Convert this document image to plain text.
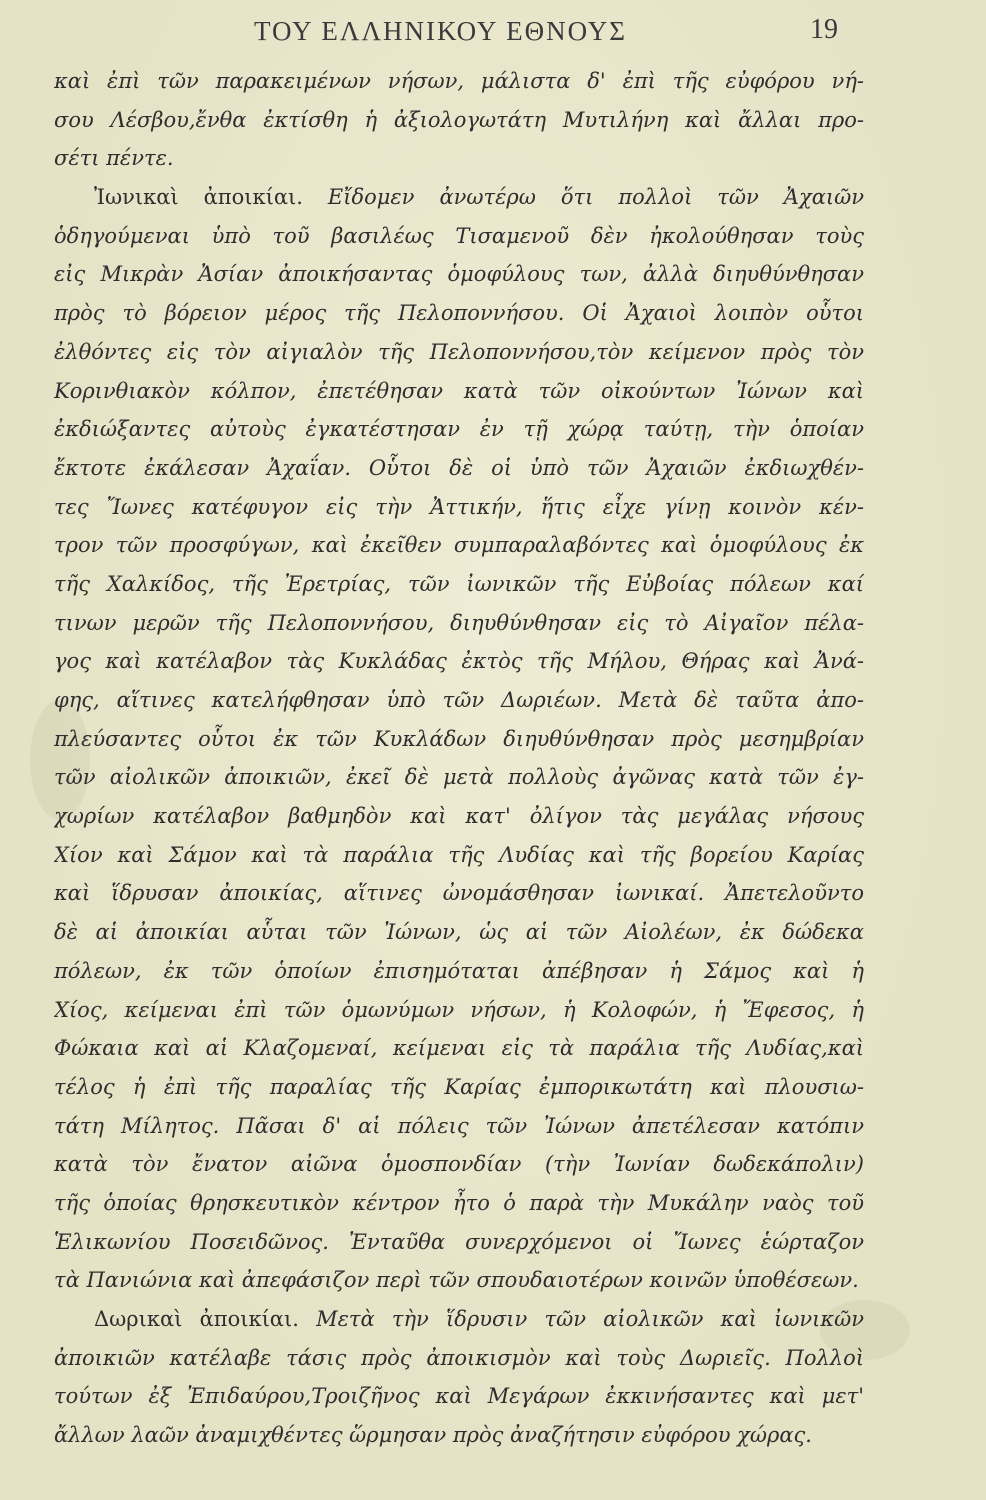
ΤΟΥ ΕΛΛΗΝΙΚΟΥ ΕΘΝΟΥΣ	19
καὶ ἐπὶ τῶν παρακειμένων νήσων, μάλιστα δ' ἐπὶ τῆς εὐφόρου νή-
σου Λέσβου,ἔνθα ἐκτίσθη ἡ ἀξιολογωτάτη Μυτιλήνη καὶ ἄλλαι προ-
σέτι πέντε.
Ἰωνικαὶ ἀποικίαι. Εἴδομεν ἀνωτέρω ὅτι πολλοὶ τῶν Ἀχαιῶν
ὁδηγούμεναι ὑπὸ τοῦ βασιλέως Τισαμενοῦ δὲν ἠκολούθησαν τοὺς
εἰς Μικρὰν Ἀσίαν ἀποικήσαντας ὁμοφύλους των, ἀλλὰ διηυθύνθησαν
πρὸς τὸ βόρειον μέρος τῆς Πελοποννήσου. Οἱ Ἀχαιοὶ λοιπὸν οὗτοι
ἐλθόντες εἰς τὸν αἰγιαλὸν τῆς Πελοποννήσου,τὸν κείμενον πρὸς τὸν
Κορινθιακὸν κόλπον, ἐπετέθησαν κατὰ τῶν οἰκούντων Ἰώνων καὶ
ἐκδιώξαντες αὐτοὺς ἐγκατέστησαν ἐν τῇ χώρᾳ ταύτῃ, τὴν ὁποίαν
ἔκτοτε ἐκάλεσαν Ἀχαΐαν. Οὗτοι δὲ οἱ ὑπὸ τῶν Ἀχαιῶν ἐκδιωχθέν-
τες Ἴωνες κατέφυγον εἰς τὴν Ἀττικήν, ἥτις εἶχε γίνῃ κοινὸν κέν-
τρον τῶν προσφύγων, καὶ ἐκεῖθεν συμπαραλαβόντες καὶ ὁμοφύλους ἐκ
τῆς Χαλκίδος, τῆς Ἐρετρίας, τῶν ἰωνικῶν τῆς Εὐβοίας πόλεων καί
τινων μερῶν τῆς Πελοποννήσου, διηυθύνθησαν εἰς τὸ Αἰγαῖον πέλα-
γος καὶ κατέλαβον τὰς Κυκλάδας ἐκτὸς τῆς Μήλου, Θήρας καὶ Ἀνά-
φης, αἵτινες κατελήφθησαν ὑπὸ τῶν Δωριέων. Μετὰ δὲ ταῦτα ἀπο-
πλεύσαντες οὗτοι ἐκ τῶν Κυκλάδων διηυθύνθησαν πρὸς μεσημβρίαν
τῶν αἰολικῶν ἀποικιῶν, ἐκεῖ δὲ μετὰ πολλοὺς ἀγῶνας κατὰ τῶν ἐγ-
χωρίων κατέλαβον βαθμηδὸν καὶ κατ' ὀλίγον τὰς μεγάλας νήσους
Χίον καὶ Σάμον καὶ τὰ παράλια τῆς Λυδίας καὶ τῆς βορείου Καρίας
καὶ ἵδρυσαν ἀποικίας, αἵτινες ὠνομάσθησαν ἰωνικαί. Ἀπετελοῦντο
δὲ αἱ ἀποικίαι αὗται τῶν Ἰώνων, ὡς αἱ τῶν Αἰολέων, ἐκ δώδεκα
πόλεων, ἐκ τῶν ὁποίων ἐπισημόταται ἀπέβησαν ἡ Σάμος καὶ ἡ
Χίος, κείμεναι ἐπὶ τῶν ὁμωνύμων νήσων, ἡ Κολοφών, ἡ Ἔφεσος, ἡ
Φώκαια καὶ αἱ Κλαζομεναί, κείμεναι εἰς τὰ παράλια τῆς Λυδίας,καὶ
τέλος ἡ ἐπὶ τῆς παραλίας τῆς Καρίας ἐμπορικωτάτη καὶ πλουσιω-
τάτη Μίλητος. Πᾶσαι δ' αἱ πόλεις τῶν Ἰώνων ἀπετέλεσαν κατόπιν
κατὰ τὸν ἔνατον αἰῶνα ὁμοσπονδίαν (τὴν Ἰωνίαν δωδεκάπολιν)
τῆς ὁποίας θρησκευτικὸν κέντρον ἦτο ὁ παρὰ τὴν Μυκάλην ναὸς τοῦ
Ἑλικωνίου Ποσειδῶνος. Ἐνταῦθα συνερχόμενοι οἱ Ἴωνες ἑώρταζον
τὰ Πανιώνια καὶ ἀπεφάσιζον περὶ τῶν σπουδαιοτέρων κοινῶν ὑποθέσεων.
Δωρικαὶ ἀποικίαι. Μετὰ τὴν ἵδρυσιν τῶν αἰολικῶν καὶ ἰωνικῶν
ἀποικιῶν κατέλαβε τάσις πρὸς ἀποικισμὸν καὶ τοὺς Δωριεῖς. Πολλοὶ
τούτων ἐξ Ἐπιδαύρου,Τροιζῆνος καὶ Μεγάρων ἐκκινήσαντες καὶ μετ'
ἄλλων λαῶν ἀναμιχθέντες ὥρμησαν πρὸς ἀναζήτησιν εὐφόρου χώρας.
